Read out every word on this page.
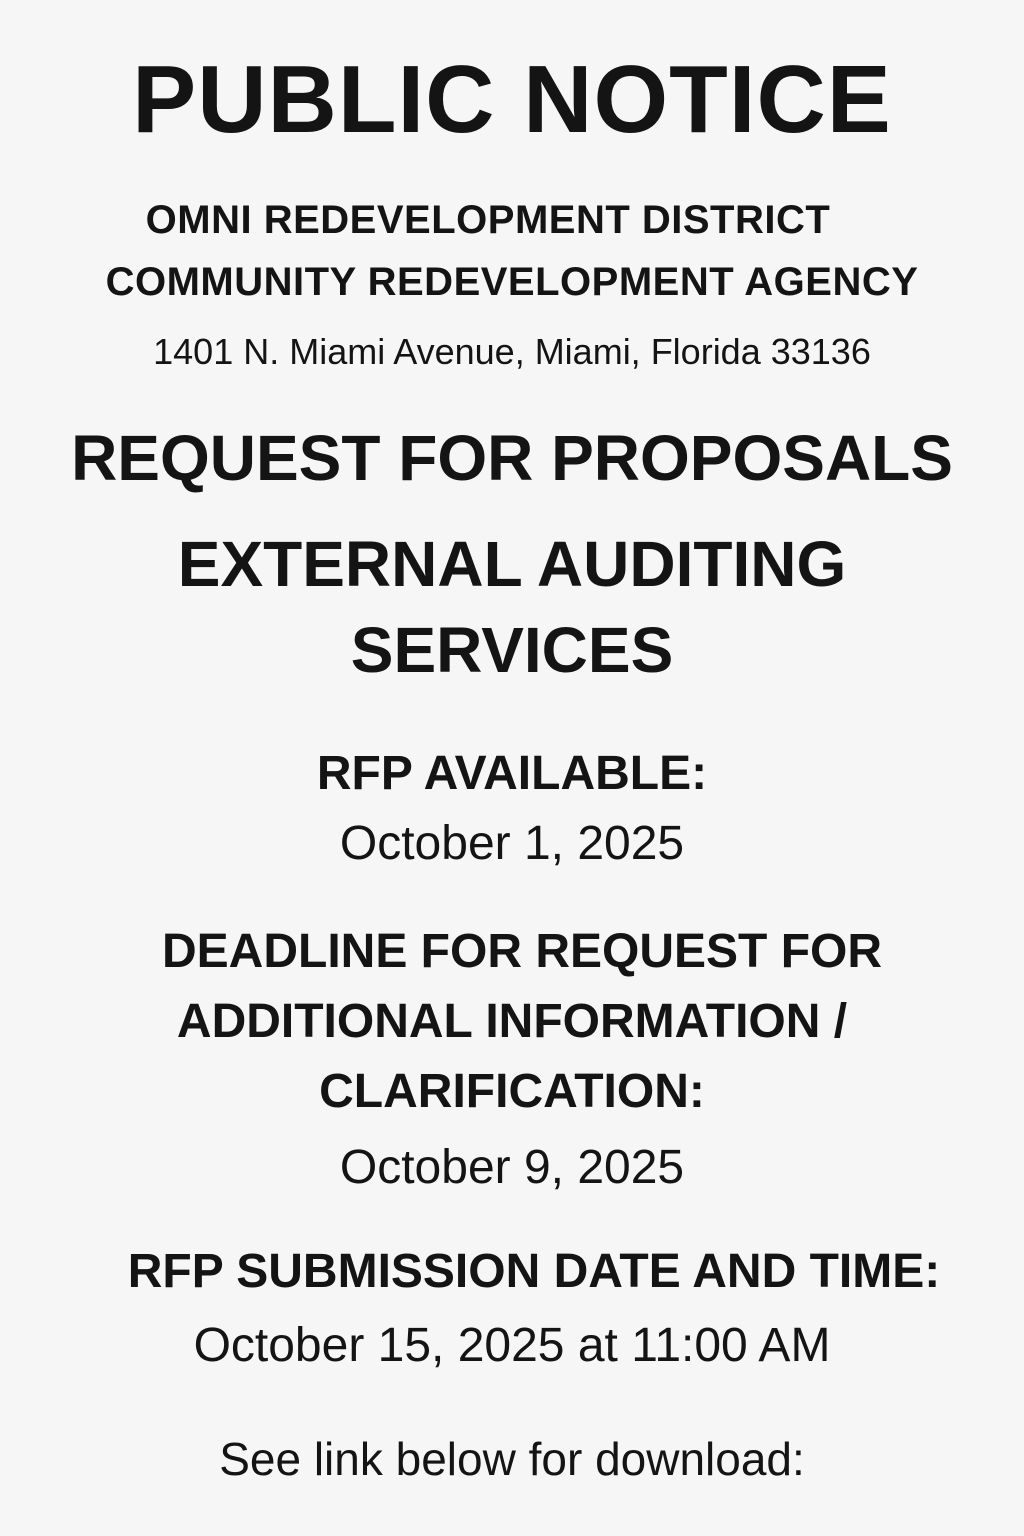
PUBLIC NOTICE
OMNI REDEVELOPMENT DISTRICT
COMMUNITY REDEVELOPMENT AGENCY
1401 N. Miami Avenue, Miami, Florida 33136
REQUEST FOR PROPOSALS
EXTERNAL AUDITING
SERVICES
RFP AVAILABLE:
October 1, 2025
DEADLINE FOR REQUEST FOR
ADDITIONAL INFORMATION /
CLARIFICATION:
October 9, 2025
RFP SUBMISSION DATE AND TIME:
October 15, 2025 at 11:00 AM
See link below for download:
